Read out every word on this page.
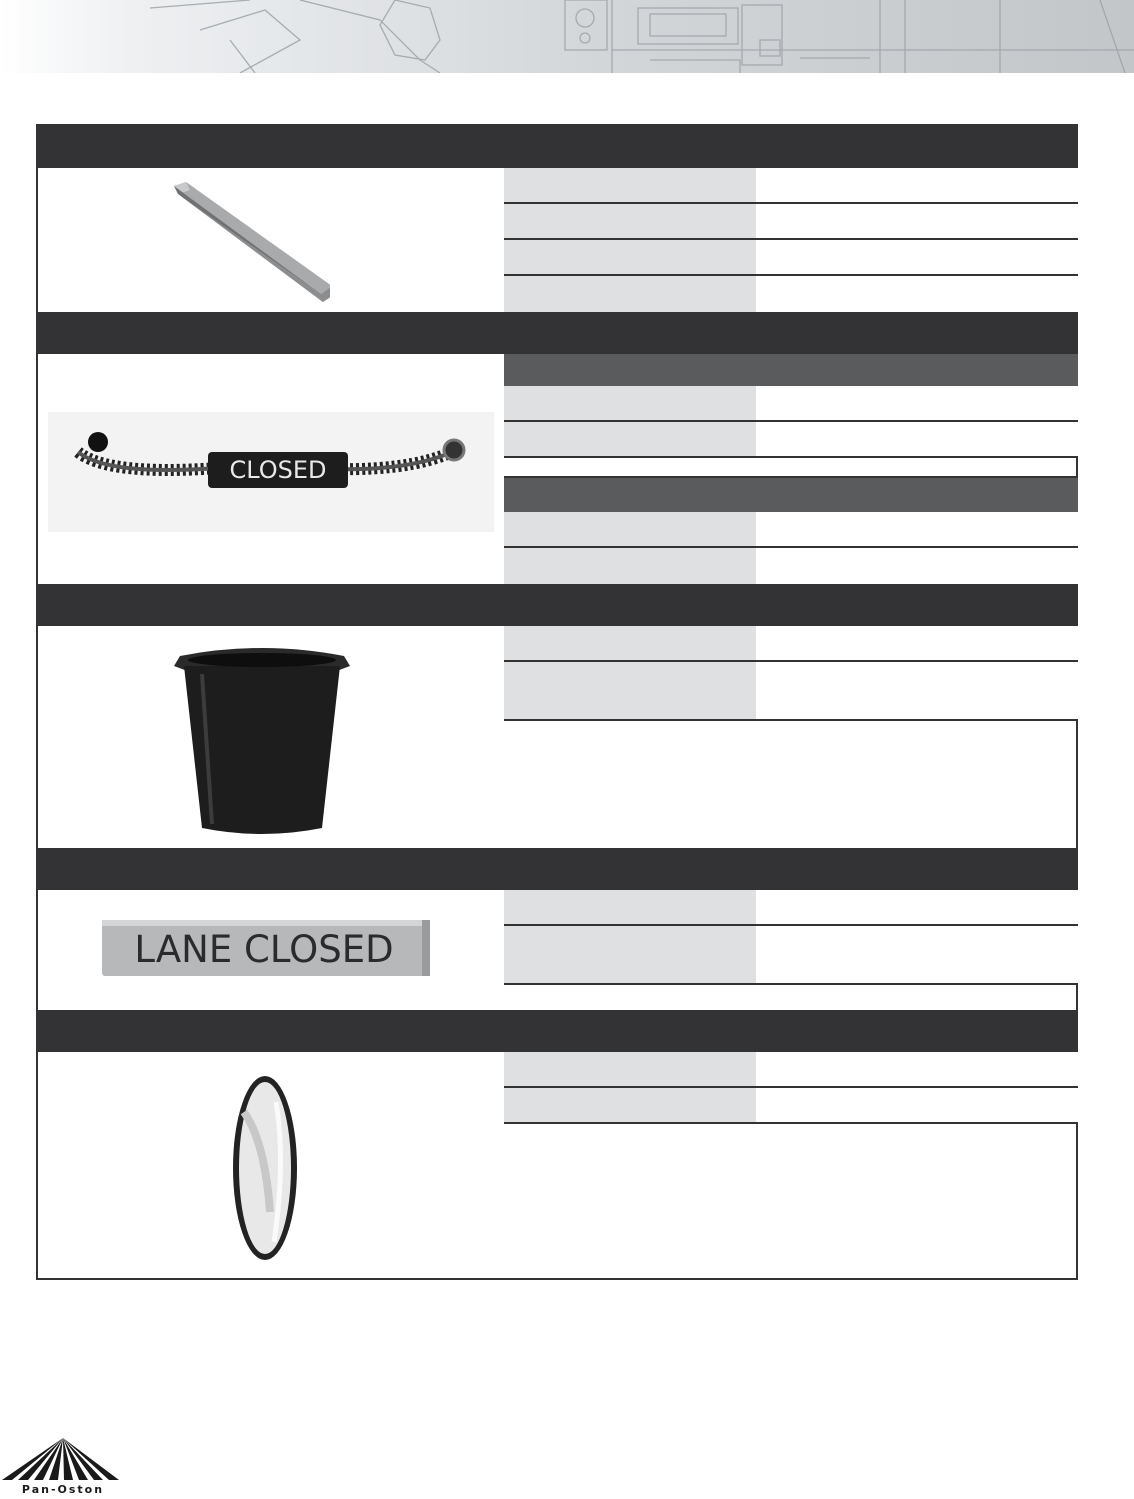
CLOSED
LANE CLOSED
Pan-Oston
